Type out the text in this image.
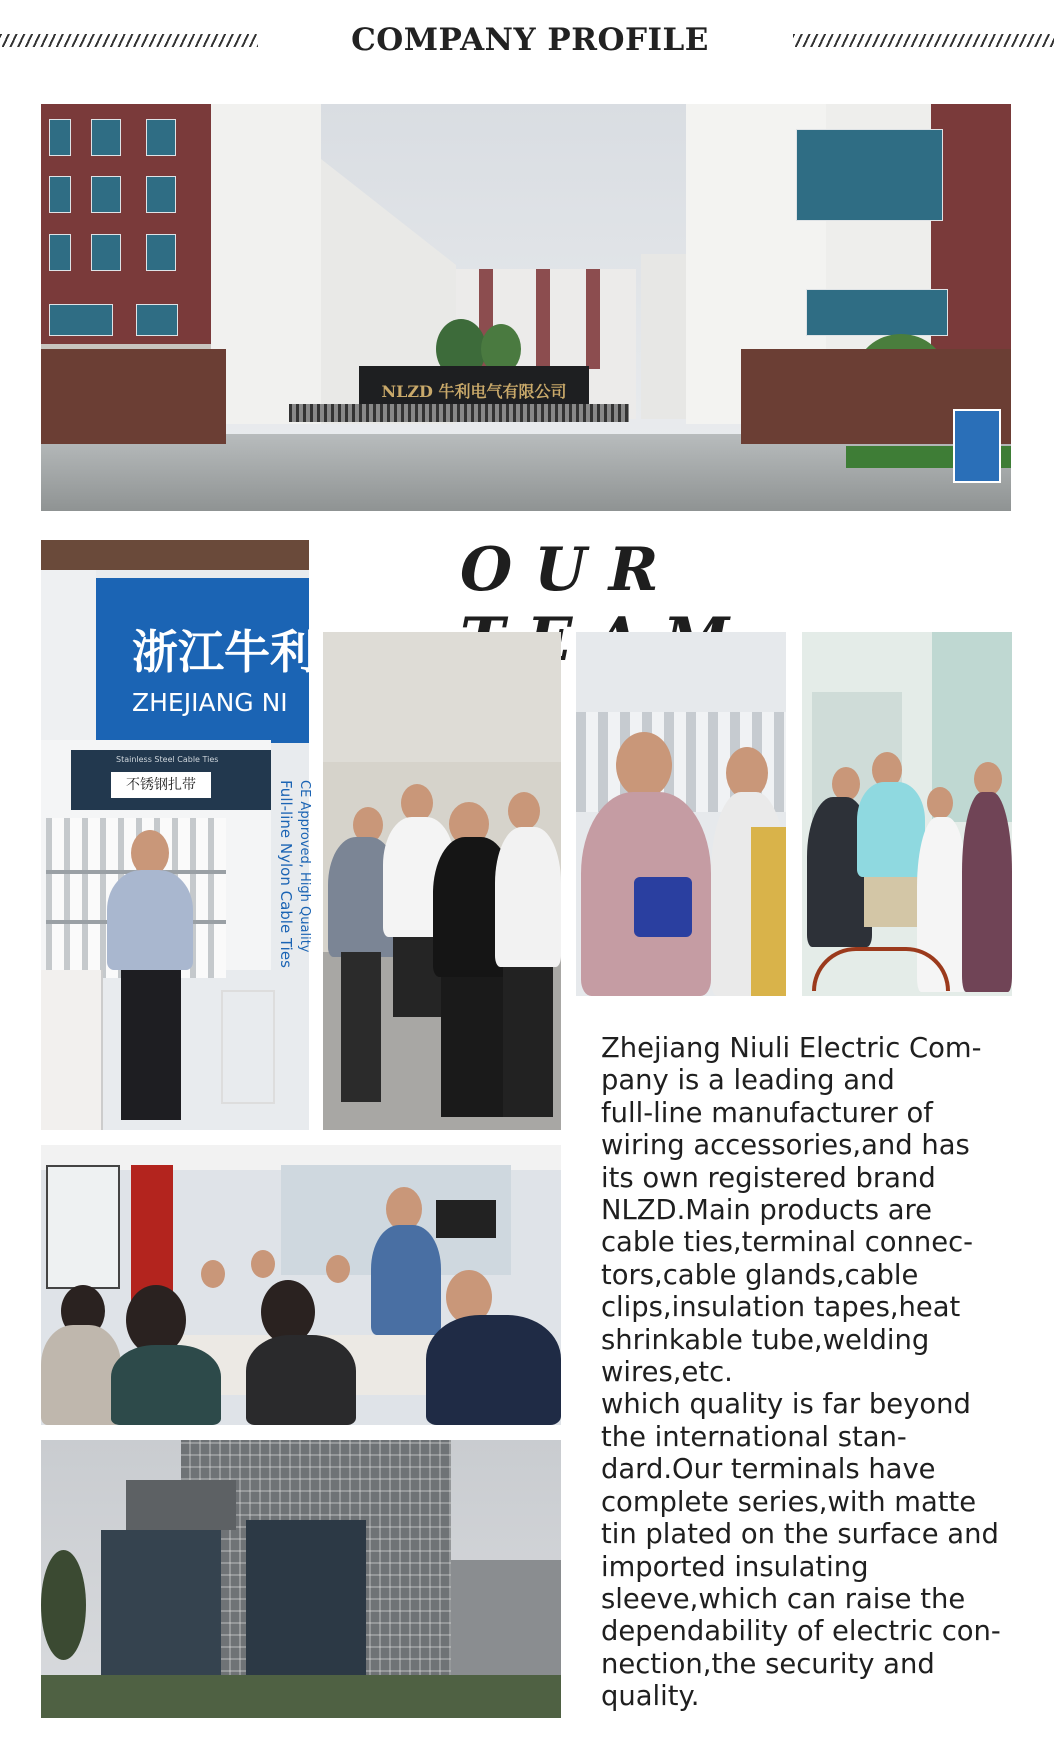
COMPANY PROFILE
NLZD 牛利电气有限公司
浙江牛利
ZHEJIANG NI
Stainless Steel Cable Ties
不锈钢扎带	Full-line Nylon Cable Ties CE Approved, High Quality
OUR
Zhejiang Niuli Electric Com-
pany is a leading and
full-line manufacturer of
wiring accessories,and has
its own registered brand
NLZD.Main products are
cable ties,terminal connec-
tors,cable glands,cable
clips,insulation tapes,heat
shrinkable tube,welding
wires,etc.
which quality is far beyond
the international stan-
dard.Our terminals have
complete series,with matte
tin plated on the surface and
imported insulating
sleeve,which can raise the
dependability of electric con-
nection,the security and
quality.
